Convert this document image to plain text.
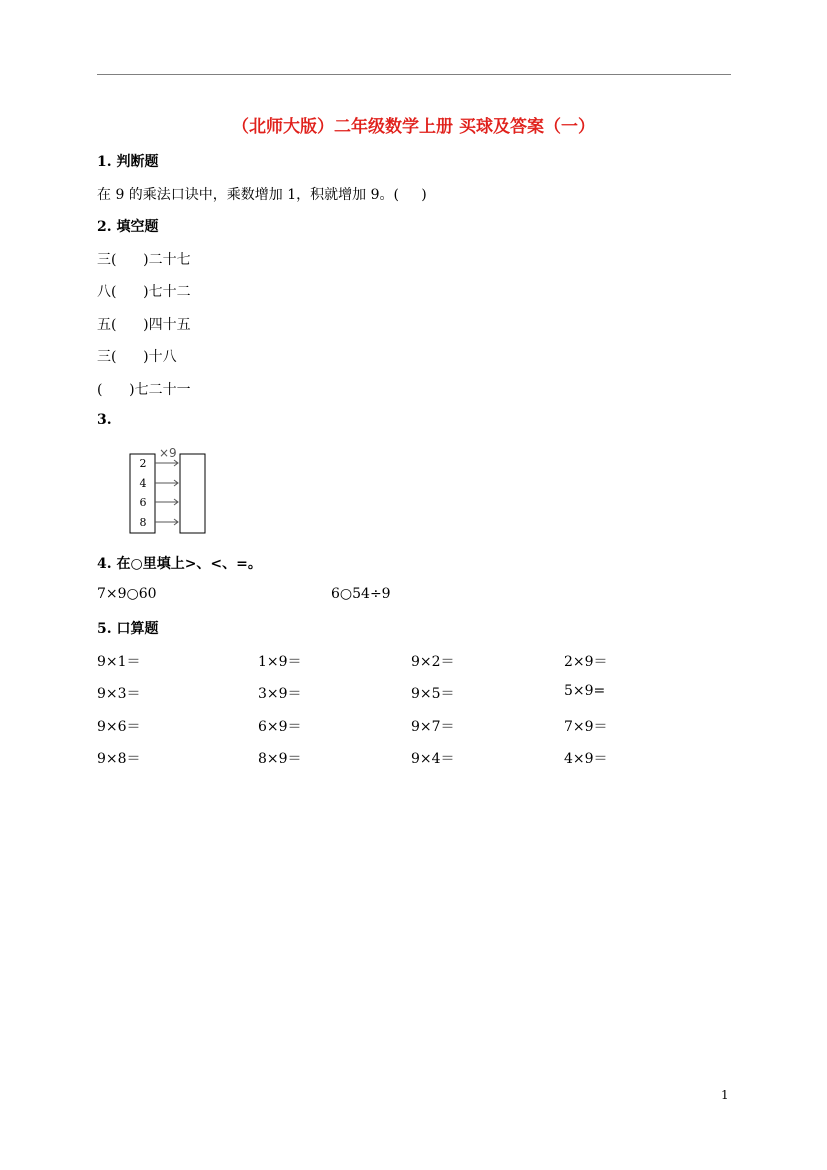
（北师大版）二年级数学上册 买球及答案（一）
1. 判断题
在 9 的乘法口诀中，乘数增加 1，积就增加 9。(     )
2. 填空题
三(      )二十七
八(      )七十二
五(      )四十五
三(      )十八
(      )七二十一
3.
×9
2
4
6
8
4. 在○里填上>、<、=。
7×9○60	6○54÷9
5. 口算题
9×1＝	1×9＝	9×2＝	2×9＝
9×3＝	3×9＝	9×5＝	5×9=
9×6＝	6×9＝	9×7＝	7×9＝
9×8＝	8×9＝	9×4＝	4×9＝
1
